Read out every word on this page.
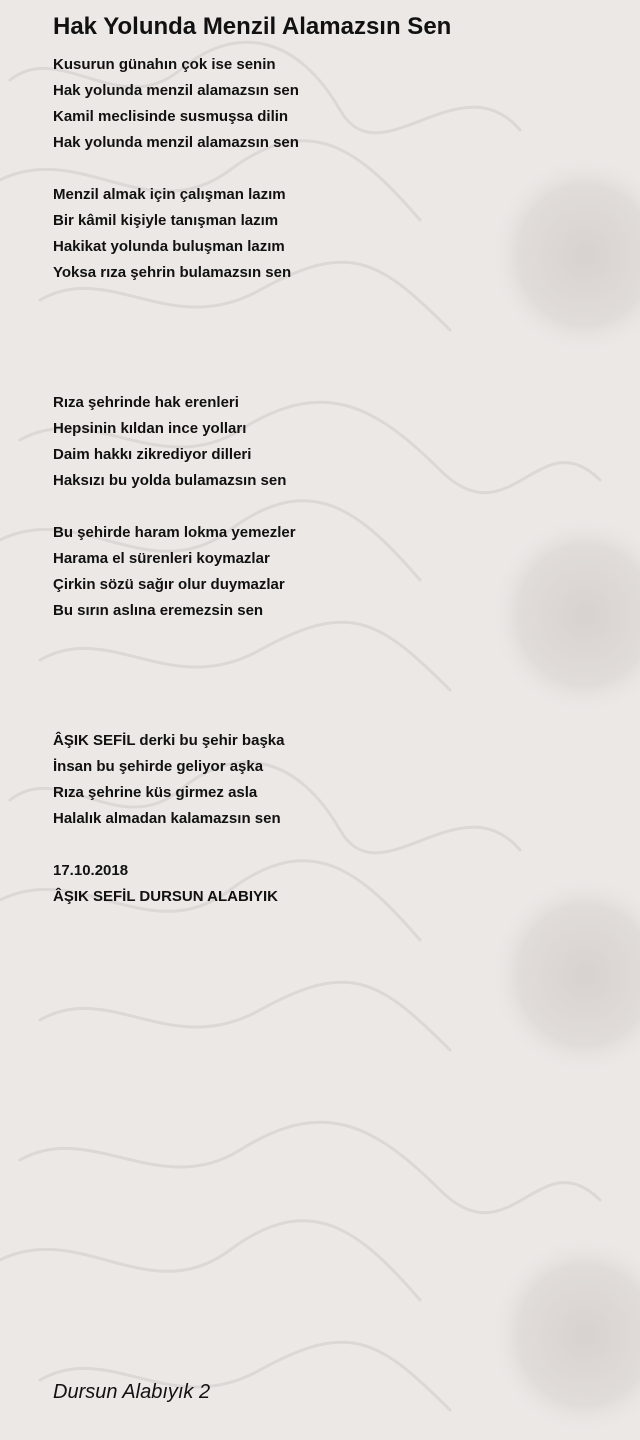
Hak Yolunda Menzil Alamazsın Sen
Kusurun günahın çok ise senin
Hak yolunda menzil alamazsın sen
Kamil meclisinde susmuşsa dilin
Hak yolunda menzil alamazsın sen
Menzil almak için çalışman lazım
Bir kâmil kişiyle tanışman lazım
Hakikat yolunda buluşman lazım
Yoksa rıza şehrin bulamazsın sen
Rıza şehrinde hak erenleri
Hepsinin kıldan ince yolları
Daim hakkı zikrediyor dilleri
Haksızı bu yolda bulamazsın sen
Bu şehirde haram lokma yemezler
Harama el sürenleri koymazlar
Çirkin sözü sağır olur duymazlar
Bu sırın aslına eremezsin sen
ÂŞIK SEFİL derki bu şehir başka
İnsan bu şehirde geliyor aşka
Rıza şehrine küs girmez asla
Halalık almadan kalamazsın sen
17.10.2018
ÂŞIK SEFİL DURSUN ALABIYIK
Dursun Alabıyık 2
